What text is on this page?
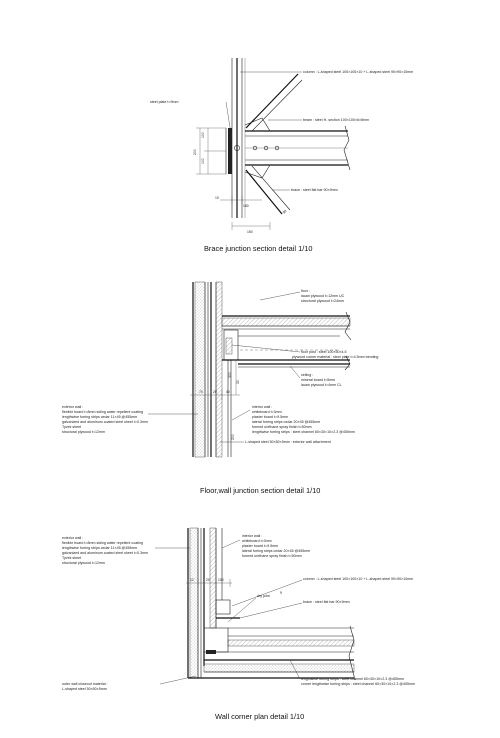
100
100
200
10
180
150
90
column : L-shaped steel 100×100×10 + L-shaped steel 90×90×10mm
steel plate t=9mm
beam : steel H- section 100×100×6×8mm
brace : steel flat bar 90×9mm
Brace junction section detail 1/10
70	20	40
30
300
200
floor :
lauan plywood t=12mm UC
structural plywood t=24mm
floor post : steel 100×50×4.5
plywood corner material : steel plate t=4.5mm bending
ceiling :
mineral board t=5mm
lauan plywood t=4mm CL
exterior wall :
flexible board t=8mm siding water repellent coating
lengthwise furring strips cedar 11×45 @455mm
galvanized and aluminum coated steel sheet t=0.3mm
Tyvek sheet
structural plywood t=12mm
interior wall :
whiteboard t=3mm
plaster board t=9.5mm
lateral furring strips cedar 20×45 @455mm
formed urethane spray finish t=50mm
lengthwise furring strips : steel channel 60×30×10×2.3 @455mm
L-shaped steel 50×50×5mm : exterior wall attachment
Floor,wall junction section detail 1/10
12	20 100
9
exterior wall :
flexible board t=8mm siding water repellent coating
lengthwise furring strips cedar 11×45 @455mm
galvanized and aluminum coated steel sheet t=0.3mm
Tyvek sheet
structural plywood t=12mm
interior wall :
whiteboard t=3mm
plaster board t=9.5mm
lateral furring strips cedar 20×45 @455mm
formed urethane spray finish t=50mm
column : L-shaped steel 100×100×10 + L-shaped steel 90×90×10mm
brace : steel flat bar 90×9mm
dry joint
outer wall closeout material :
L-shaped steel 50×50×5mm
lengthwise furring strips : steel channel 60×30×10×2.3 @455mm
corner lengthwise furring strips : steel channel 60×30×10×2.3 @455mm
Wall corner plan detail 1/10
